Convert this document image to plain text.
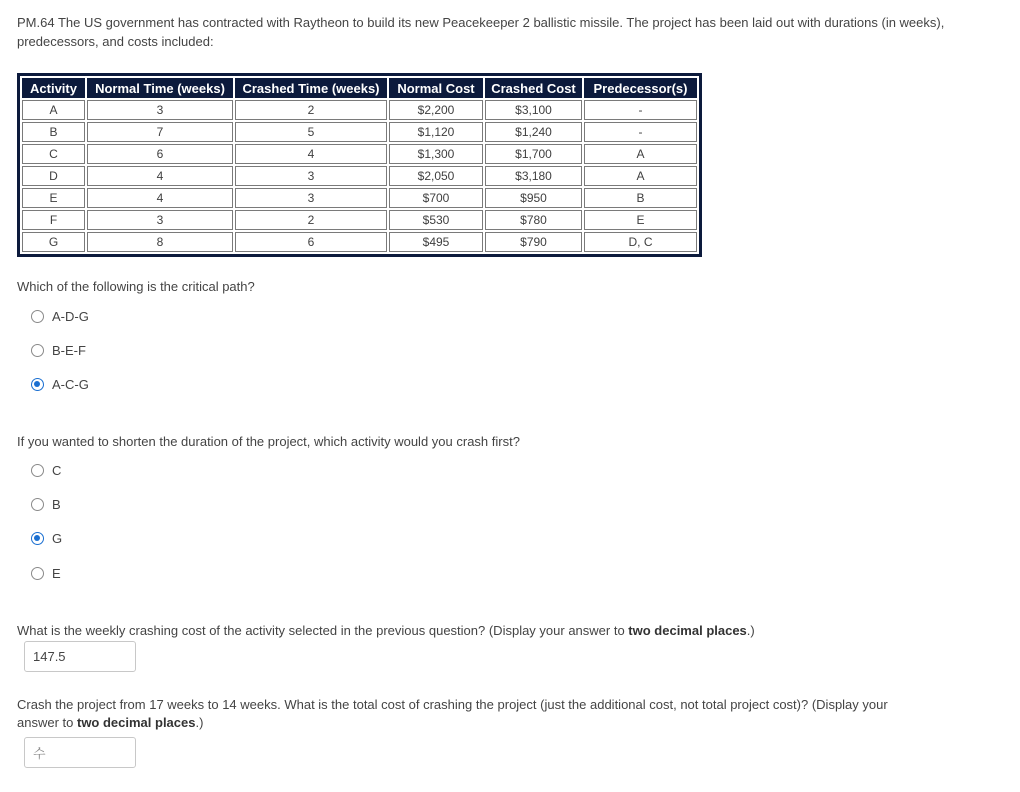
PM.64 The US government has contracted with Raytheon to build its new Peacekeeper 2 ballistic missile. The project has been laid out with durations (in weeks), predecessors, and costs included:
Activity	Normal Time (weeks)	Crashed Time (weeks)	Normal Cost	Crashed Cost	Predecessor(s)
A	3	2	$2,200	$3,100	-
B	7	5	$1,120	$1,240	-
C	6	4	$1,300	$1,700	A
D	4	3	$2,050	$3,180	A
E	4	3	$700	$950	B
F	3	2	$530	$780	E
G	8	6	$495	$790	D, C
Which of the following is the critical path?
A-D-G
B-E-F
A-C-G
If you wanted to shorten the duration of the project, which activity would you crash first?
C
B
G
E
What is the weekly crashing cost of the activity selected in the previous question? (Display your answer to two decimal places.)
147.5
Crash the project from 17 weeks to 14 weeks. What is the total cost of crashing the project (just the additional cost, not total project cost)? (Display your
answer to two decimal places.)
수
